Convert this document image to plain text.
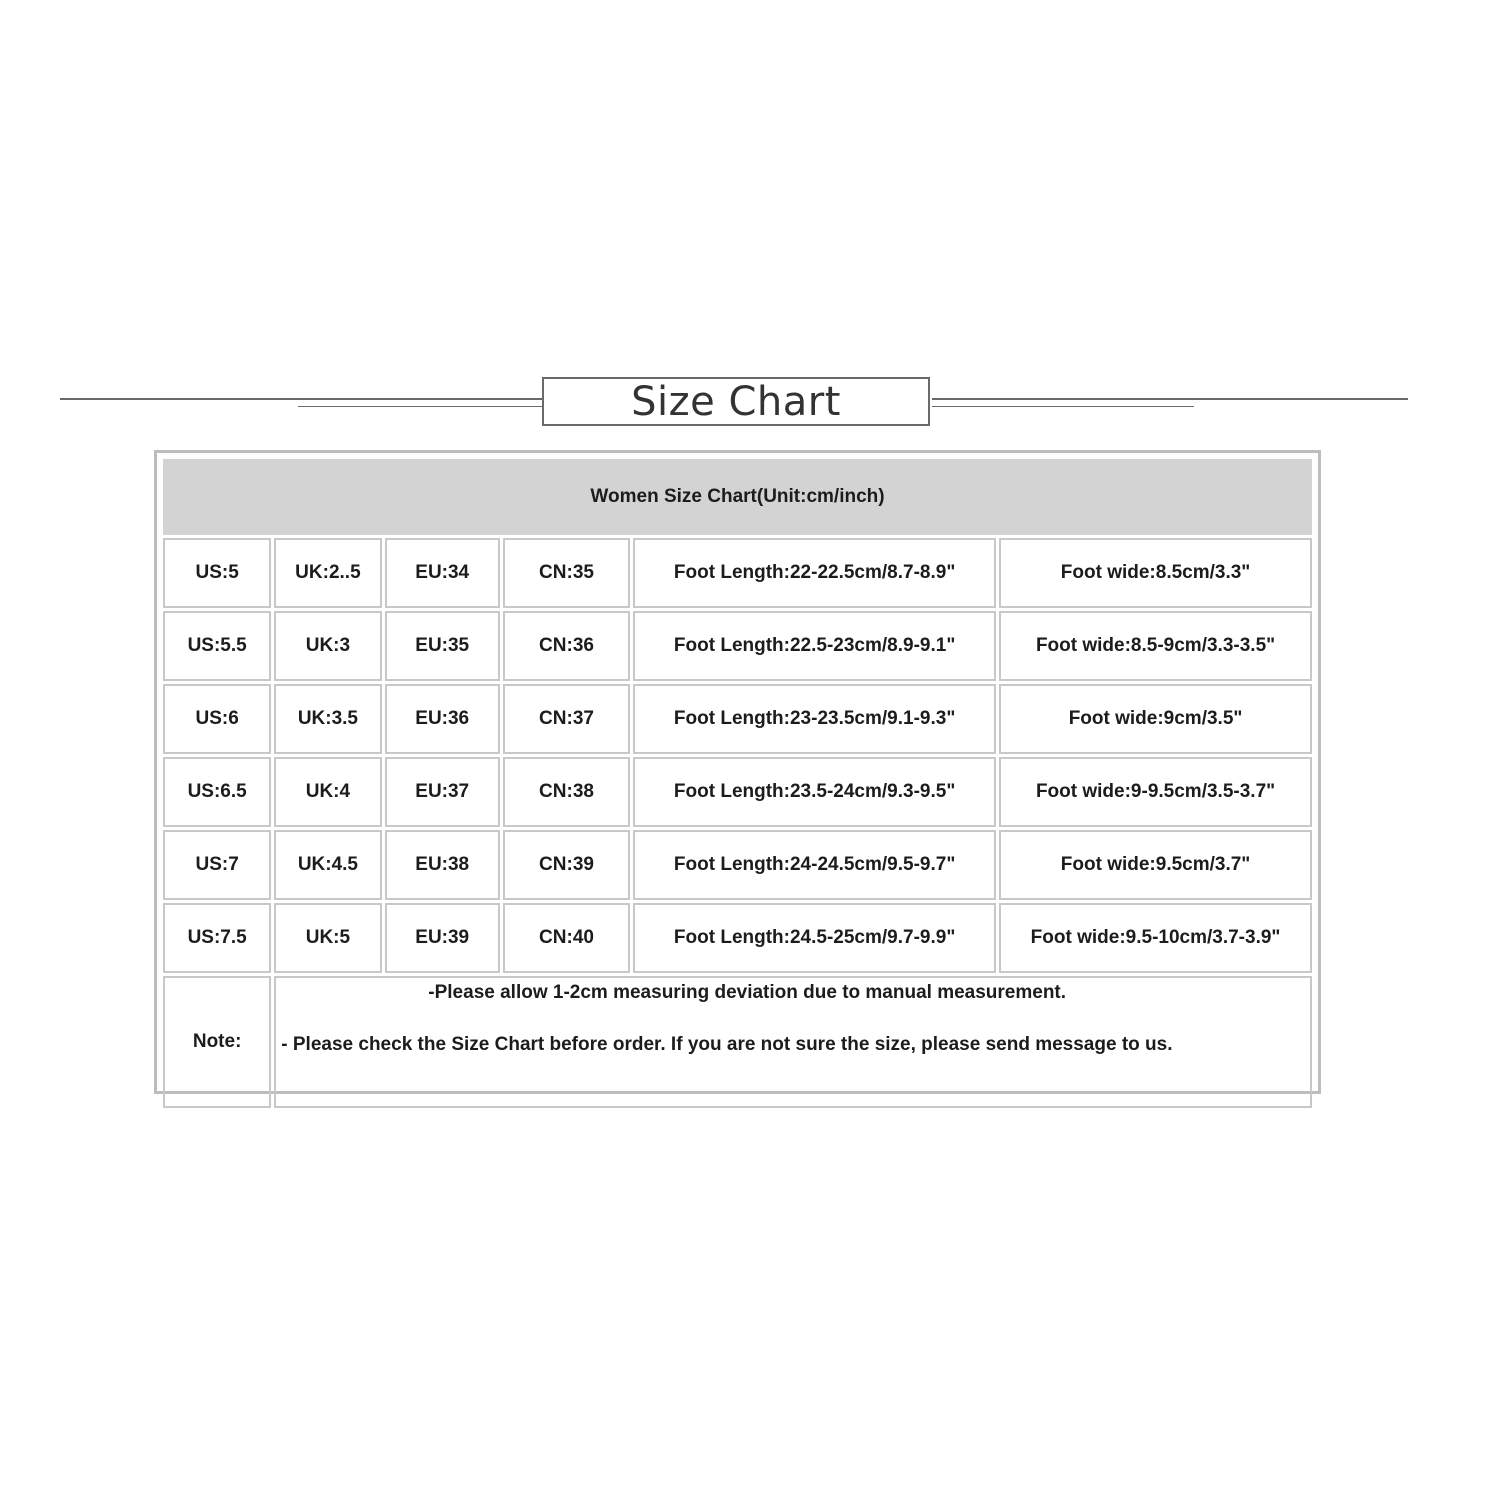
Size Chart
Women Size Chart(Unit:cm/inch)					
US:5	UK:2..5	EU:34	CN:35	Foot Length:22-22.5cm/8.7-8.9"	Foot wide:8.5cm/3.3"
US:5.5	UK:3	EU:35	CN:36	Foot Length:22.5-23cm/8.9-9.1"	Foot wide:8.5-9cm/3.3-3.5"
US:6	UK:3.5	EU:36	CN:37	Foot Length:23-23.5cm/9.1-9.3"	Foot wide:9cm/3.5"
US:6.5	UK:4	EU:37	CN:38	Foot Length:23.5-24cm/9.3-9.5"	Foot wide:9-9.5cm/3.5-3.7"
US:7	UK:4.5	EU:38	CN:39	Foot Length:24-24.5cm/9.5-9.7"	Foot wide:9.5cm/3.7"
US:7.5	UK:5	EU:39	CN:40	Foot Length:24.5-25cm/9.7-9.9"	Foot wide:9.5-10cm/3.7-3.9"
Note:	-Please allow 1-2cm measuring deviation due to manual measurement.
- Please check the Size Chart before order. If you are not sure the size, please send message to us.				
